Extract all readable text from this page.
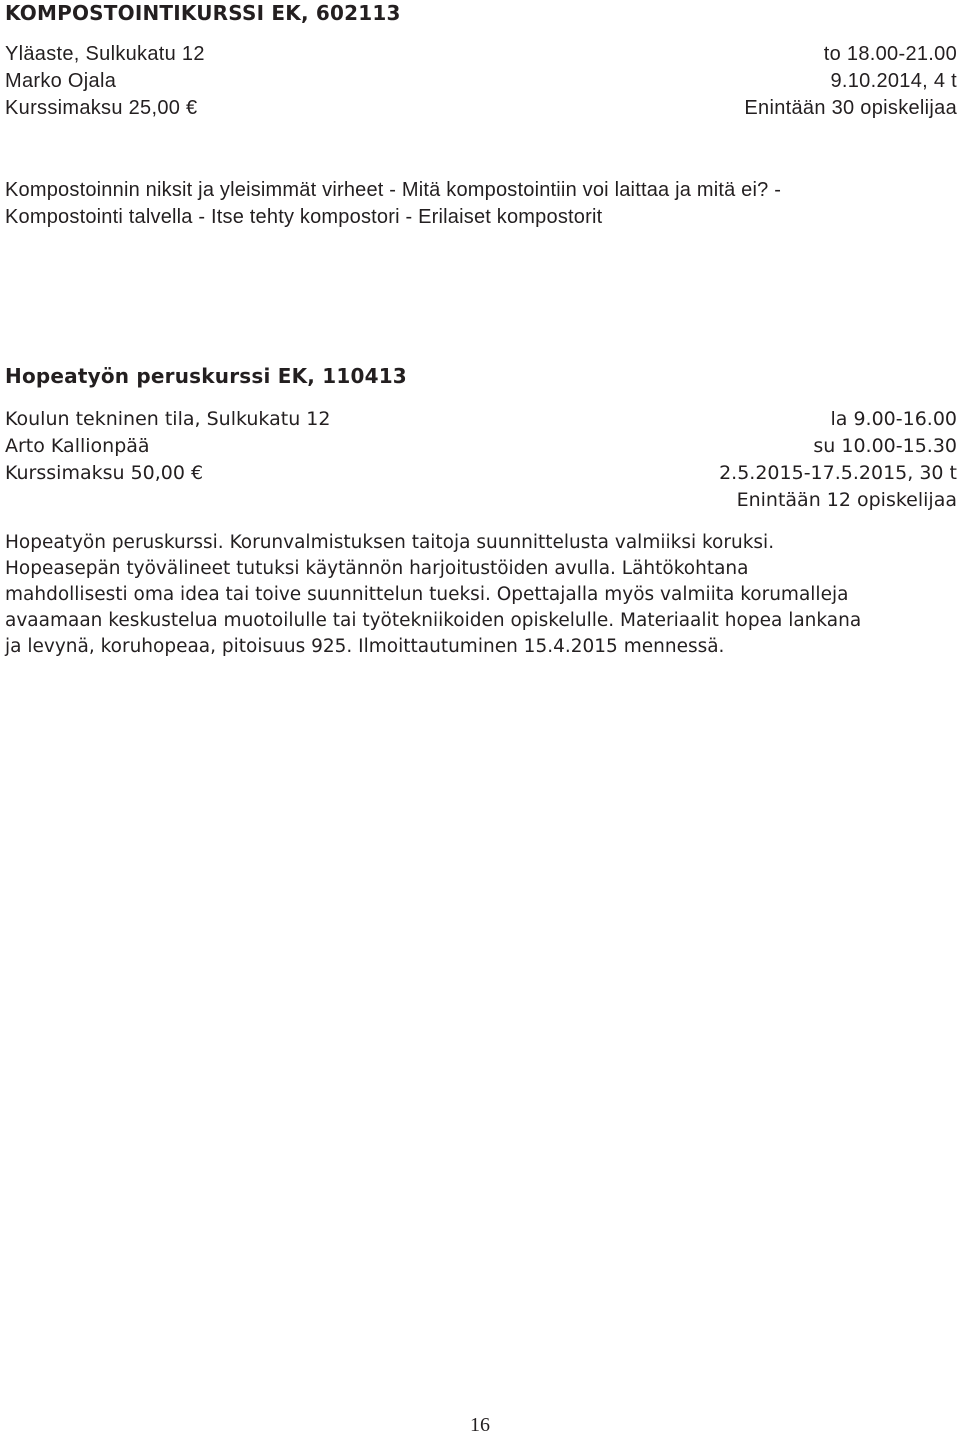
KOMPOSTOINTIKURSSI EK, 602113
Yläaste, Sulkukatu 12
Marko Ojala
Kurssimaksu 25,00 €
to 18.00-21.00
9.10.2014, 4 t
Enintään 30 opiskelijaa

Kompostoinnin niksit ja yleisimmät virheet - Mitä kompostointiin voi laittaa ja mitä ei? -
Kompostointi talvella - Itse tehty kompostori - Erilaiset kompostorit

Hopeatyön peruskurssi EK, 110413
Koulun tekninen tila, Sulkukatu 12
Arto Kallionpää
Kurssimaksu 50,00 €
la 9.00-16.00
su 10.00-15.30
2.5.2015-17.5.2015, 30 t
Enintään 12 opiskelijaa

Hopeatyön peruskurssi. Korunvalmistuksen taitoja suunnittelusta valmiiksi koruksi.
Hopeasepän työvälineet tutuksi käytännön harjoitustöiden avulla. Lähtökohtana
mahdollisesti oma idea tai toive suunnittelun tueksi. Opettajalla myös valmiita korumalleja
avaamaan keskustelua muotoilulle tai työtekniikoiden opiskelulle. Materiaalit hopea lankana
ja levynä, koruhopeaa, pitoisuus 925. Ilmoittautuminen 15.4.2015 mennessä.

16
